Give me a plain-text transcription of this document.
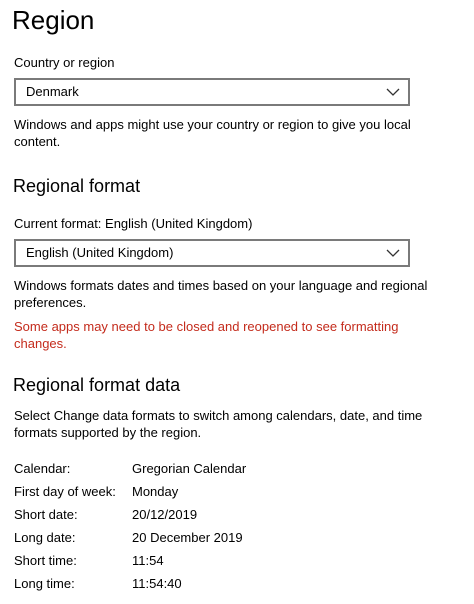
Region
Country or region
Denmark
Windows and apps might use your country or region to give you local content.
Regional format
Current format: English (United Kingdom)
English (United Kingdom)
Windows formats dates and times based on your language and regional preferences.
Some apps may need to be closed and reopened to see formatting changes.
Regional format data
Select Change data formats to switch among calendars, date, and time formats supported by the region.
Calendar:	Gregorian Calendar
First day of week: Monday
Short date:	20/12/2019
Long date:	20 December 2019
Short time:	11:54
Long time:	11:54:40
